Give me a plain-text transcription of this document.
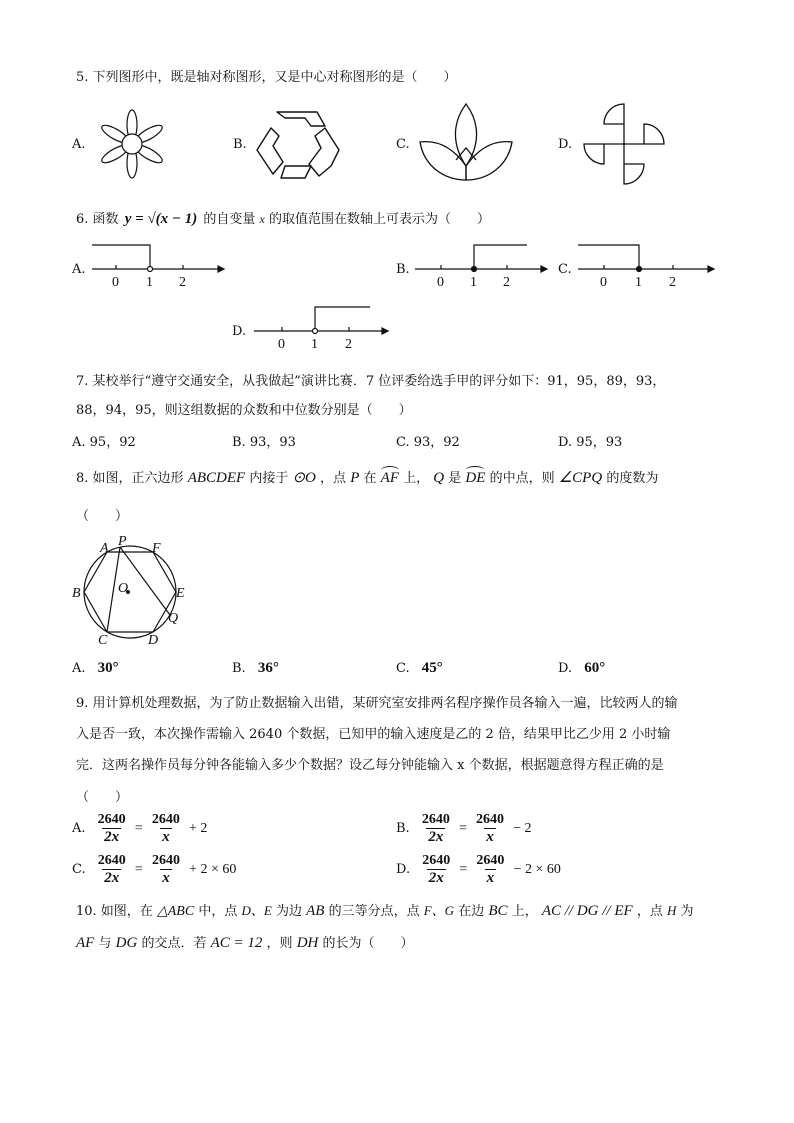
5. 下列图形中，既是轴对称图形，又是中心对称图形的是（　　）
A.	B.	C.	D.
6. 函数 y = √(x − 1) 的自变量 x 的取值范围在数轴上可表示为（　　）
A.
0 1 2
B.
0 1 2
C.
0 1 2
D.
0 1 2
7. 某校举行“遵守交通安全，从我做起”演讲比赛．7 位评委给选手甲的评分如下：91，95，89，93，
88，94，95，则这组数据的众数和中位数分别是（　　）
A. 95，92	B. 93，93	C. 93，92	D. 95，93
8. 如图，正六边形 ABCDEF 内接于 ⊙O ，点 P 在 AF 上， Q 是 DE 的中点，则 ∠CPQ 的度数为
（　　）
A P F
B	O	E
Q
C	D
A. 30°	B. 36°	C. 45°	D. 60°
9. 用计算机处理数据，为了防止数据输入出错，某研究室安排两名程序操作员各输入一遍，比较两人的输
入是否一致，本次操作需输入 2640 个数据，已知甲的输入速度是乙的 2 倍，结果甲比乙少用 2 小时输
完．这两名操作员每分钟各能输入多少个数据？设乙每分钟能输入 x 个数据，根据题意得方程正确的是
（　　）
A. $\frac{2640}{2x} = \frac{2640}{x} + 2$	B. $\frac{2640}{2x} = \frac{2640}{x} - 2$
C. $\frac{2640}{2x} = \frac{2640}{x} + 2 \times 60$	D. $\frac{2640}{2x} = \frac{2640}{x} - 2 \times 60$
10. 如图，在 △ABC 中，点 D、E 为边 AB 的三等分点，点 F、G 在边 BC 上， AC // DG // EF ，点 H 为
AF 与 DG 的交点．若 AC = 12 ，则 DH 的长为（　　）
